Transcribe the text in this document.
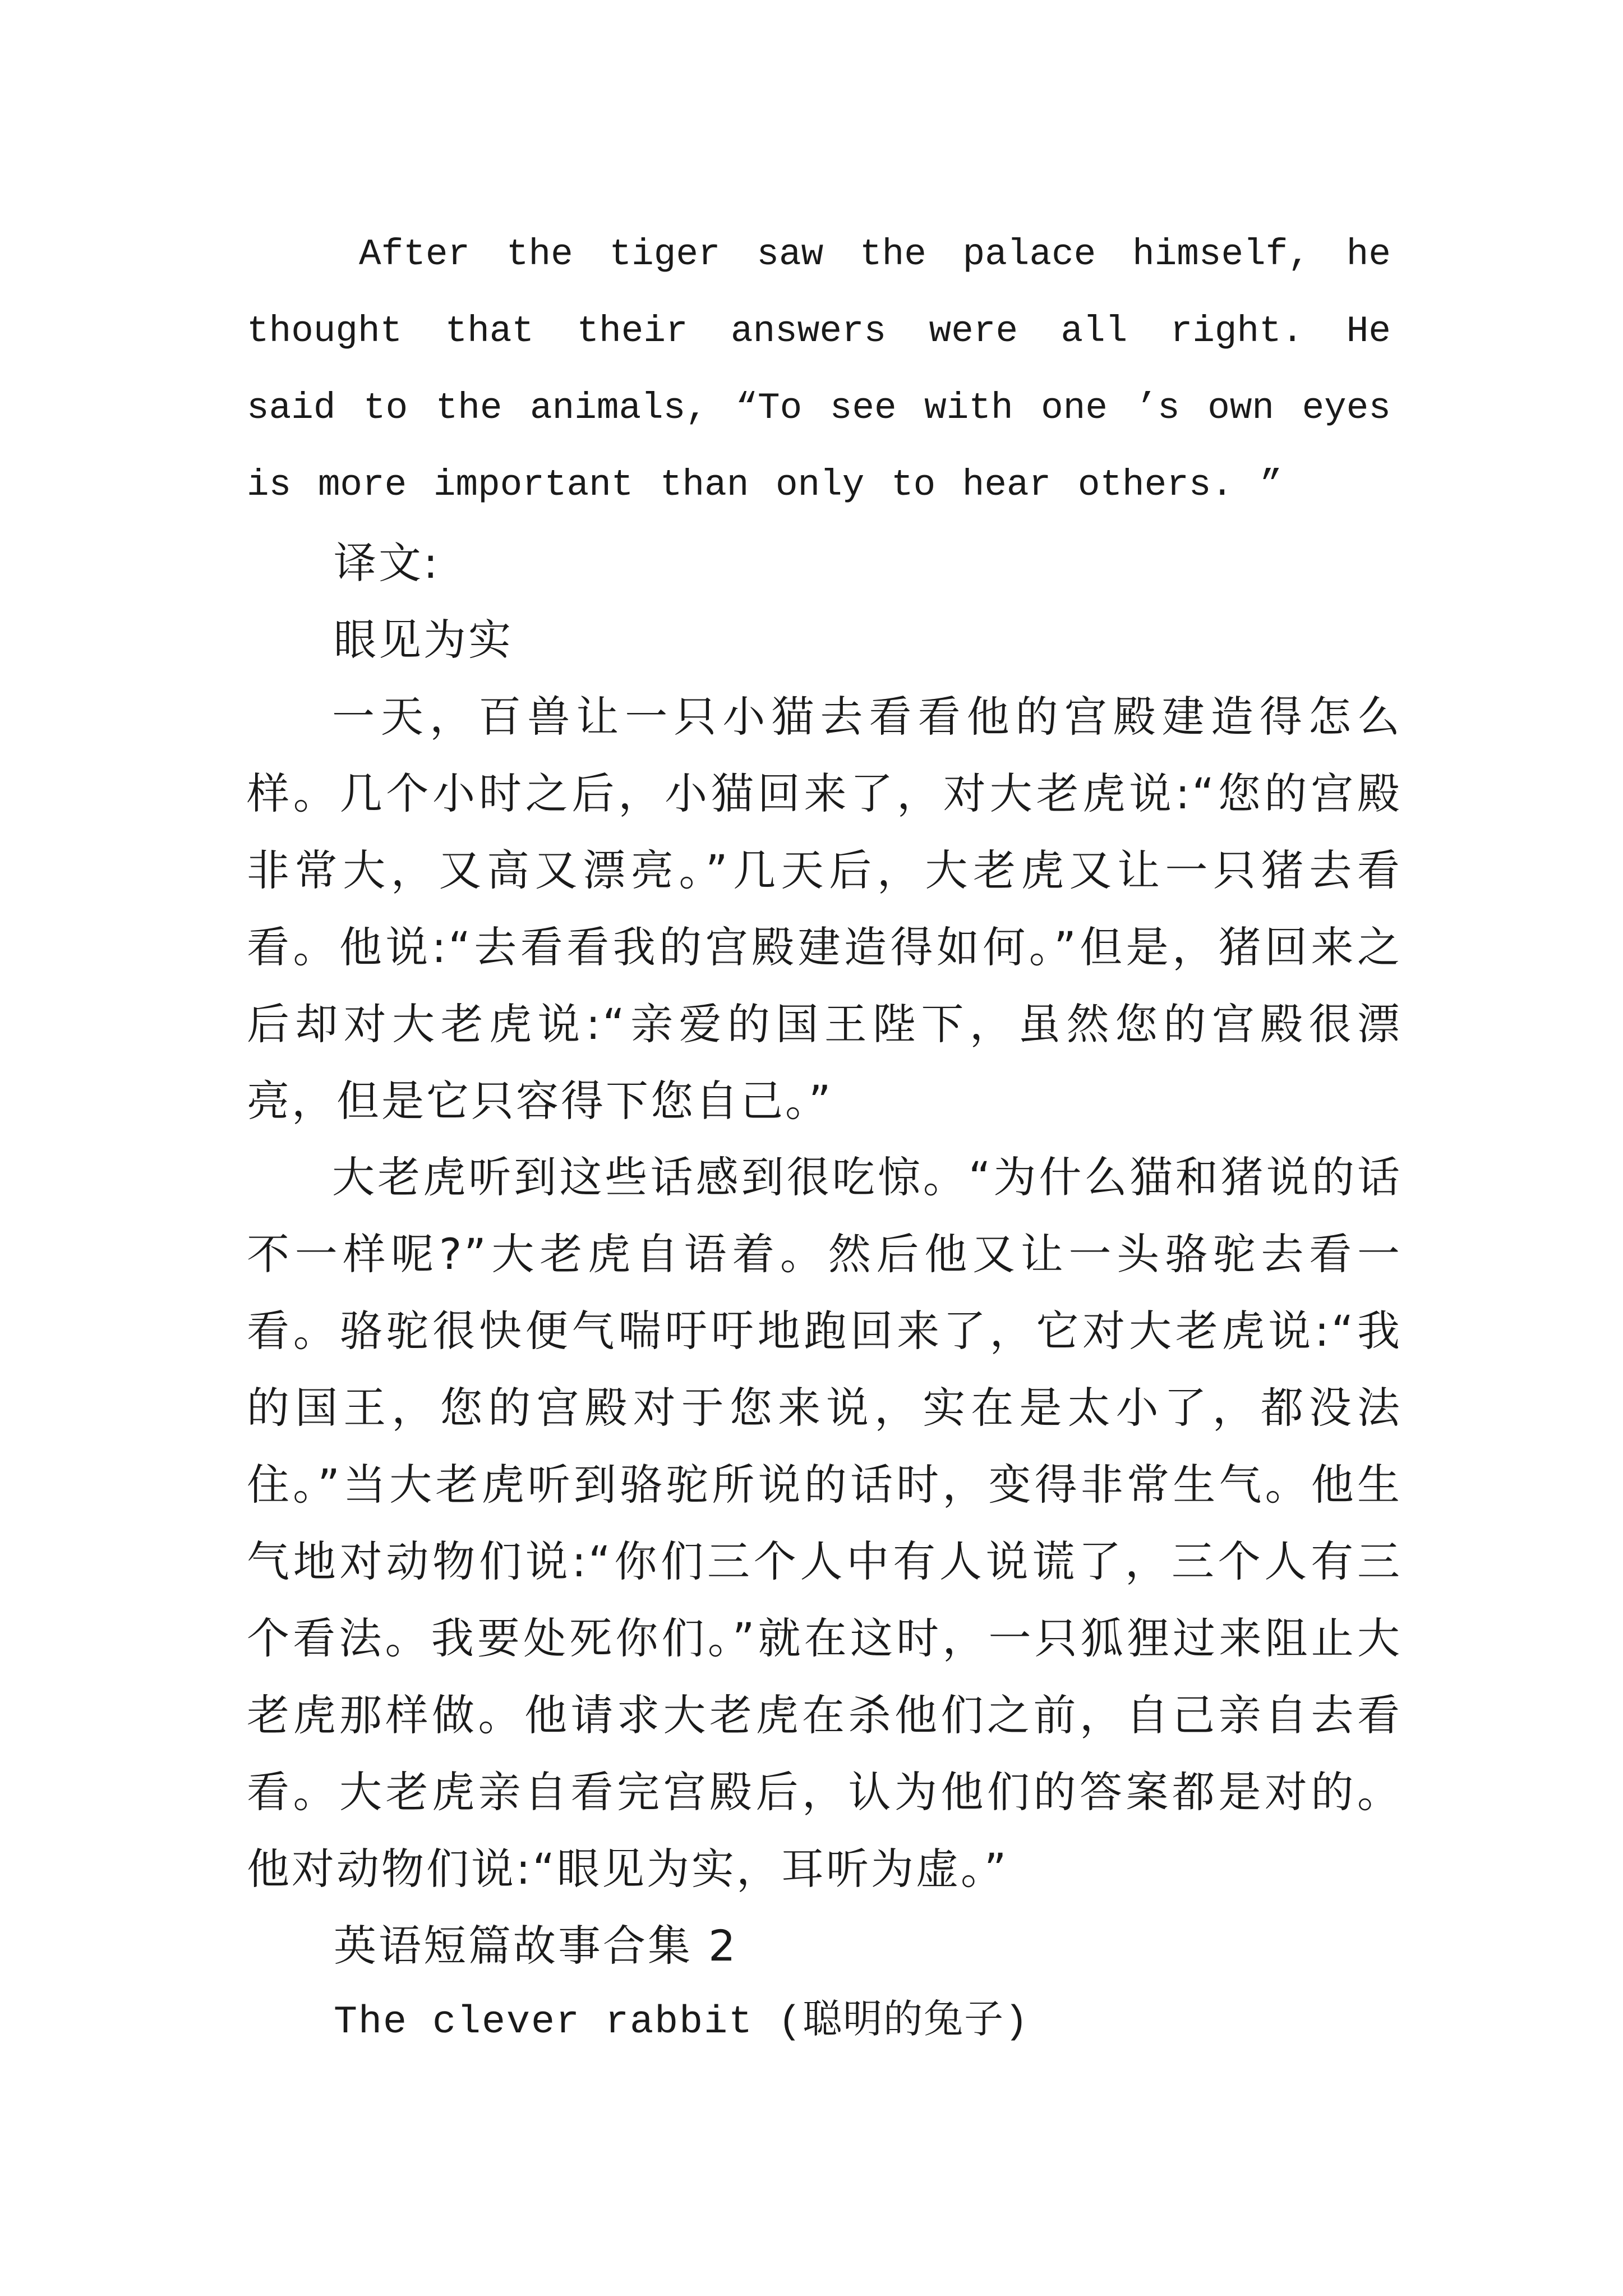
After the tiger saw the palace himself, he thought that their answers were all right. He said to the animals, “To see with one ’s own eyes is more important than only to hear others. ”

译文:

眼见为实

一天，百兽让一只小猫去看看他的宫殿建造得怎么样。几个小时之后，小猫回来了，对大老虎说:“您的宫殿非常大，又高又漂亮。”几天后，大老虎又让一只猪去看看。他说:“去看看我的宫殿建造得如何。”但是，猪回来之后却对大老虎说:“亲爱的国王陛下，虽然您的宫殿很漂亮，但是它只容得下您自己。”

大老虎听到这些话感到很吃惊。“为什么猫和猪说的话不一样呢?”大老虎自语着。然后他又让一头骆驼去看一看。骆驼很快便气喘吁吁地跑回来了，它对大老虎说:“我的国王，您的宫殿对于您来说，实在是太小了，都没法住。”当大老虎听到骆驼所说的话时，变得非常生气。他生气地对动物们说:“你们三个人中有人说谎了，三个人有三个看法。我要处死你们。”就在这时，一只狐狸过来阻止大老虎那样做。他请求大老虎在杀他们之前，自己亲自去看看。大老虎亲自看完宫殿后，认为他们的答案都是对的。他对动物们说:“眼见为实，耳听为虚。”

英语短篇故事合集 2

The clever rabbit (聪明的兔子)
